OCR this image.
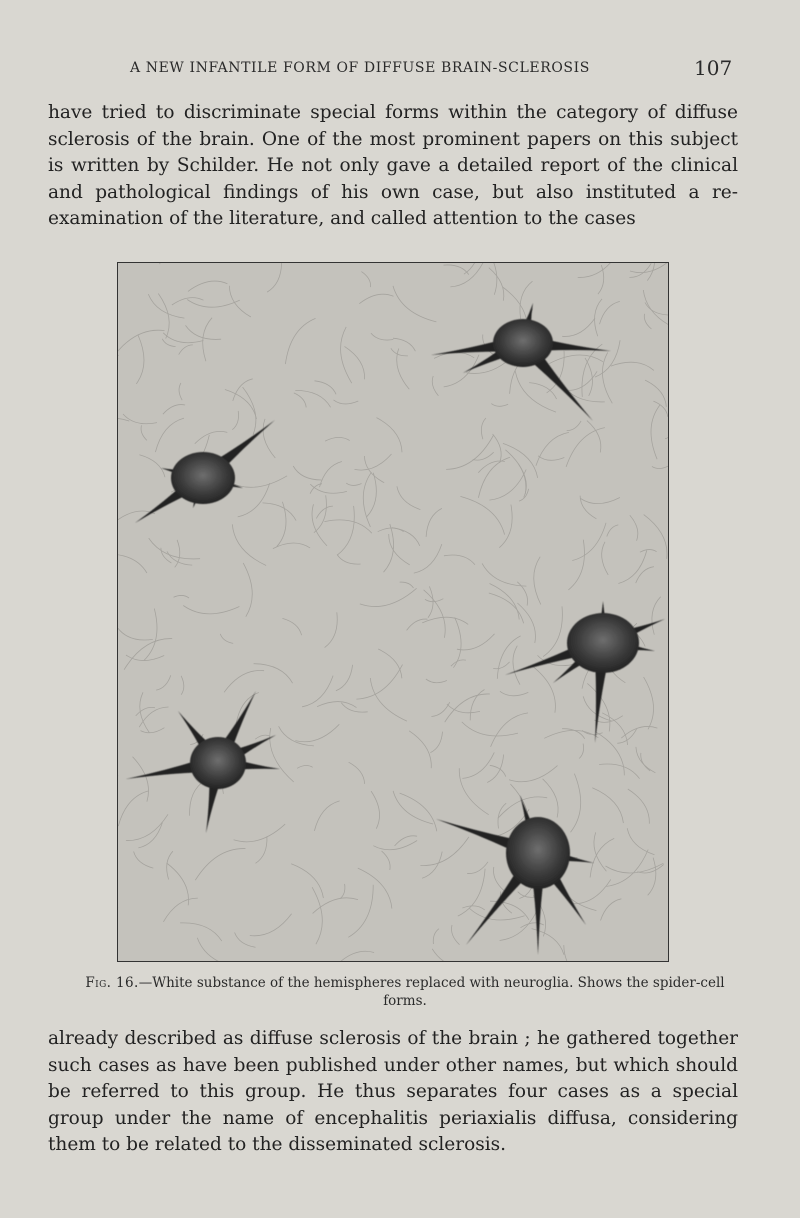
A NEW INFANTILE FORM OF DIFFUSE BRAIN-SCLEROSIS	107

have tried to discriminate special forms within the category of diffuse sclerosis of the brain. One of the most prominent papers on this subject is written by Schilder. He not only gave a detailed report of the clinical and pathological findings of his own case, but also instituted a re-examination of the literature, and called attention to the cases

Fig. 16.—White substance of the hemispheres replaced with neuroglia. Shows the spider-cell forms.

already described as diffuse sclerosis of the brain ; he gathered together such cases as have been published under other names, but which should be referred to this group. He thus separates four cases as a special group under the name of encephalitis periaxialis diffusa, considering them to be related to the disseminated sclerosis.
